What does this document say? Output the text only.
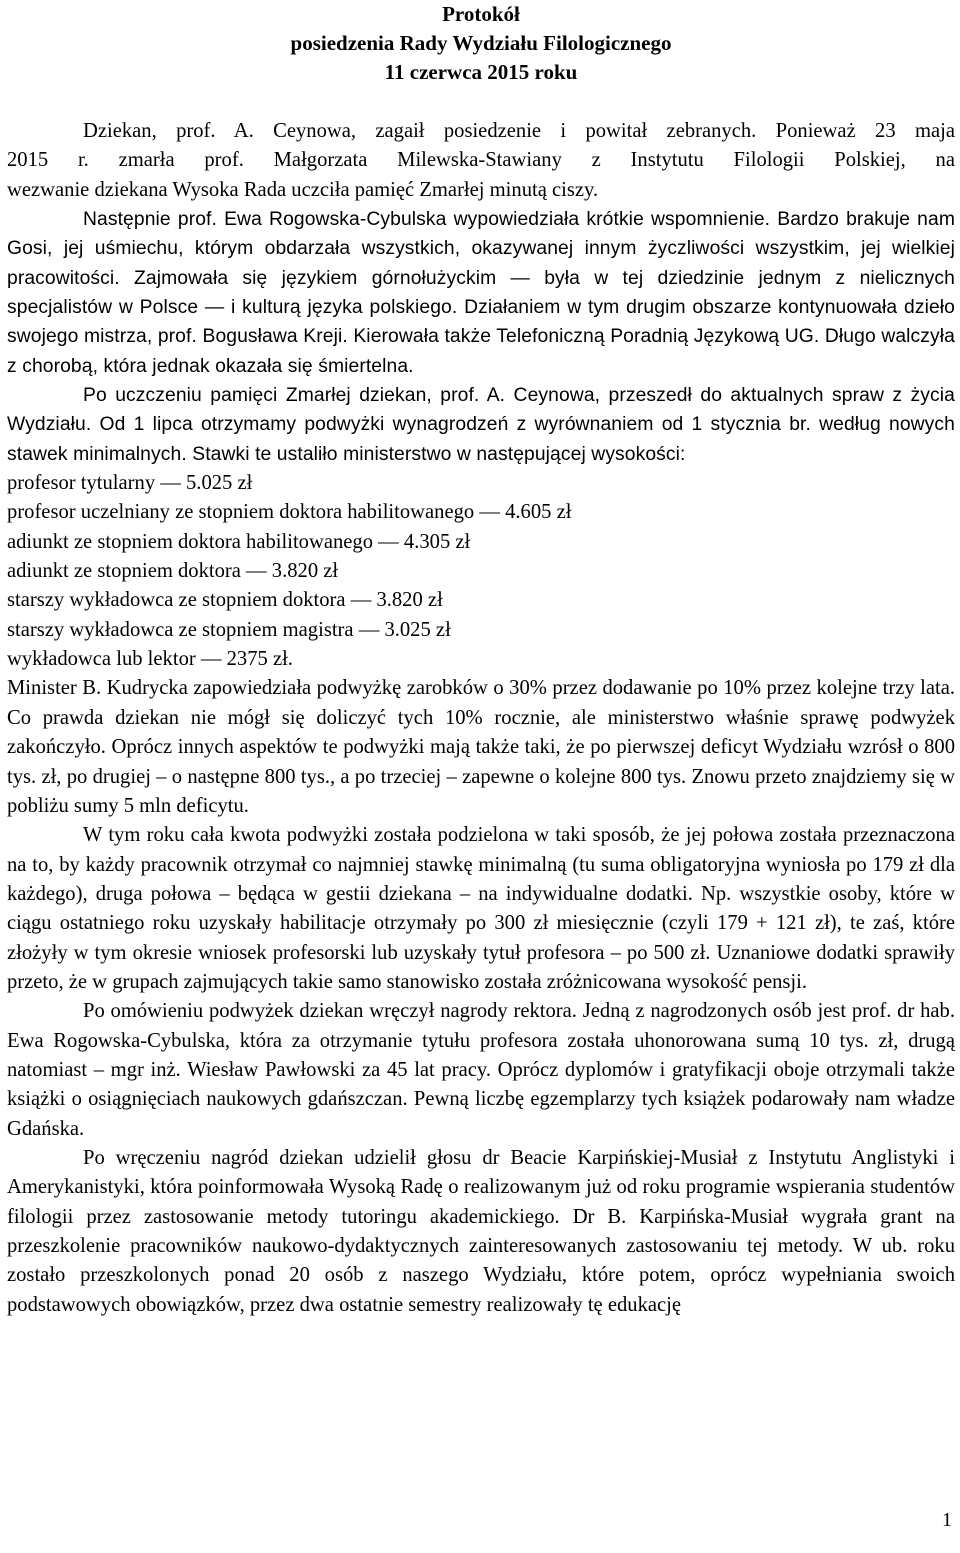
Protokół
posiedzenia Rady Wydziału Filologicznego
11 czerwca 2015 roku
Dziekan, prof. A. Ceynowa, zagaił posiedzenie i powitał zebranych. Ponieważ 23 maja
2015 r. zmarła prof. Małgorzata Milewska-Stawiany z Instytutu Filologii Polskiej, na
wezwanie dziekana Wysoka Rada uczciła pamięć Zmarłej minutą ciszy.

Następnie prof. Ewa Rogowska-Cybulska wypowiedziała krótkie wspomnienie. Bardzo brakuje nam Gosi, jej uśmiechu, którym obdarzała wszystkich, okazywanej innym życzliwości wszystkim, jej wielkiej pracowitości. Zajmowała się językiem górnołużyckim — była w tej dziedzinie jednym z nielicznych specjalistów w Polsce — i kulturą języka polskiego. Działaniem w tym drugim obszarze kontynuowała dzieło swojego mistrza, prof. Bogusława Kreji. Kierowała także Telefoniczną Poradnią Językową UG. Długo walczyła z chorobą, która jednak okazała się śmiertelna.

Po uczczeniu pamięci Zmarłej dziekan, prof. A. Ceynowa, przeszedł do aktualnych spraw z życia Wydziału. Od 1 lipca otrzymamy podwyżki wynagrodzeń z wyrównaniem od 1 stycznia br. według nowych stawek minimalnych. Stawki te ustaliło ministerstwo w następującej wysokości:

profesor tytularny — 5.025 zł
profesor uczelniany ze stopniem doktora habilitowanego — 4.605 zł
adiunkt ze stopniem doktora habilitowanego — 4.305 zł
adiunkt ze stopniem doktora — 3.820 zł
starszy wykładowca ze stopniem doktora — 3.820 zł
starszy wykładowca ze stopniem magistra — 3.025 zł
wykładowca lub lektor — 2375 zł.

Minister B. Kudrycka zapowiedziała podwyżkę zarobków o 30% przez dodawanie po 10% przez kolejne trzy lata. Co prawda dziekan nie mógł się doliczyć tych 10% rocznie, ale ministerstwo właśnie sprawę podwyżek zakończyło. Oprócz innych aspektów te podwyżki mają także taki, że po pierwszej deficyt Wydziału wzrósł o 800 tys. zł, po drugiej – o następne 800 tys., a po trzeciej – zapewne o kolejne 800 tys. Znowu przeto znajdziemy się w pobliżu sumy 5 mln deficytu.

W tym roku cała kwota podwyżki została podzielona w taki sposób, że jej połowa została przeznaczona na to, by każdy pracownik otrzymał co najmniej stawkę minimalną (tu suma obligatoryjna wyniosła po 179 zł dla każdego), druga połowa – będąca w gestii dziekana – na indywidualne dodatki. Np. wszystkie osoby, które w ciągu ostatniego roku uzyskały habilitacje otrzymały po 300 zł miesięcznie (czyli 179 + 121 zł), te zaś, które złożyły w tym okresie wniosek profesorski lub uzyskały tytuł profesora – po 500 zł. Uznaniowe dodatki sprawiły przeto, że w grupach zajmujących takie samo stanowisko została zróżnicowana wysokość pensji.

Po omówieniu podwyżek dziekan wręczył nagrody rektora. Jedną z nagrodzonych osób jest prof. dr hab. Ewa Rogowska-Cybulska, która za otrzymanie tytułu profesora została uhonorowana sumą 10 tys. zł, drugą natomiast – mgr inż. Wiesław Pawłowski za 45 lat pracy. Oprócz dyplomów i gratyfikacji oboje otrzymali także książki o osiągnięciach naukowych gdańszczan. Pewną liczbę egzemplarzy tych książek podarowały nam władze Gdańska.

Po wręczeniu nagród dziekan udzielił głosu dr Beacie Karpińskiej-Musiał z Instytutu Anglistyki i Amerykanistyki, która poinformowała Wysoką Radę o realizowanym już od roku programie wspierania studentów filologii przez zastosowanie metody tutoringu akademickiego. Dr B. Karpińska-Musiał wygrała grant na przeszkolenie pracowników naukowo-dydaktycznych zainteresowanych zastosowaniu tej metody. W ub. roku zostało przeszkolonych ponad 20 osób z naszego Wydziału, które potem, oprócz wypełniania swoich podstawowych obowiązków, przez dwa ostatnie semestry realizowały tę edukację

1
